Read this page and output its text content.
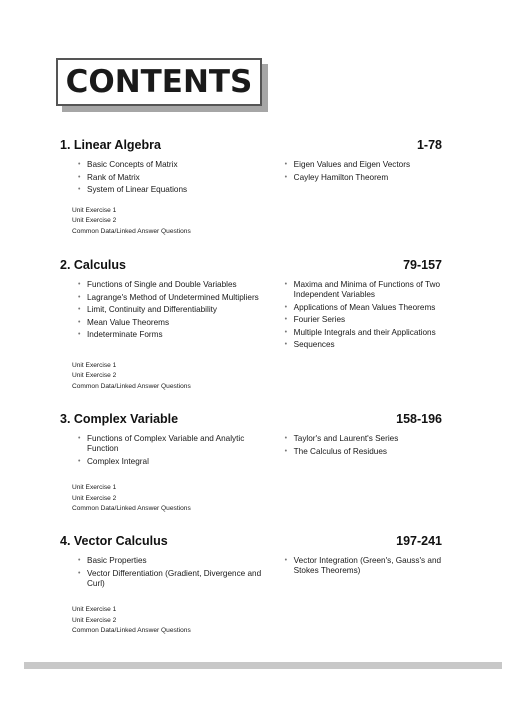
CONTENTS
1. Linear Algebra	1-78
• Basic Concepts of Matrix
• Rank of Matrix
• System of Linear Equations
• Eigen Values and Eigen Vectors
• Cayley Hamilton Theorem
Unit Exercise 1
Unit Exercise 2
Common Data/Linked Answer Questions
2. Calculus	79-157
• Functions of Single and Double Variables
• Lagrange's Method of Undetermined Multipliers
• Limit, Continuity and Differentiability
• Mean Value Theorems
• Indeterminate Forms
• Maxima and Minima of Functions of Two Independent Variables
• Applications of Mean Values Theorems
• Fourier Series
• Multiple Integrals and their Applications
• Sequences
Unit Exercise 1
Unit Exercise 2
Common Data/Linked Answer Questions
3. Complex Variable	158-196
• Functions of Complex Variable and Analytic Function
• Complex Integral
• Taylor's and Laurent's Series
• The Calculus of Residues
Unit Exercise 1
Unit Exercise 2
Common Data/Linked Answer Questions
4. Vector Calculus	197-241
• Basic Properties
• Vector Differentiation (Gradient, Divergence and Curl)
• Vector Integration (Green's, Gauss's and Stokes Theorems)
Unit Exercise 1
Unit Exercise 2
Common Data/Linked Answer Questions
